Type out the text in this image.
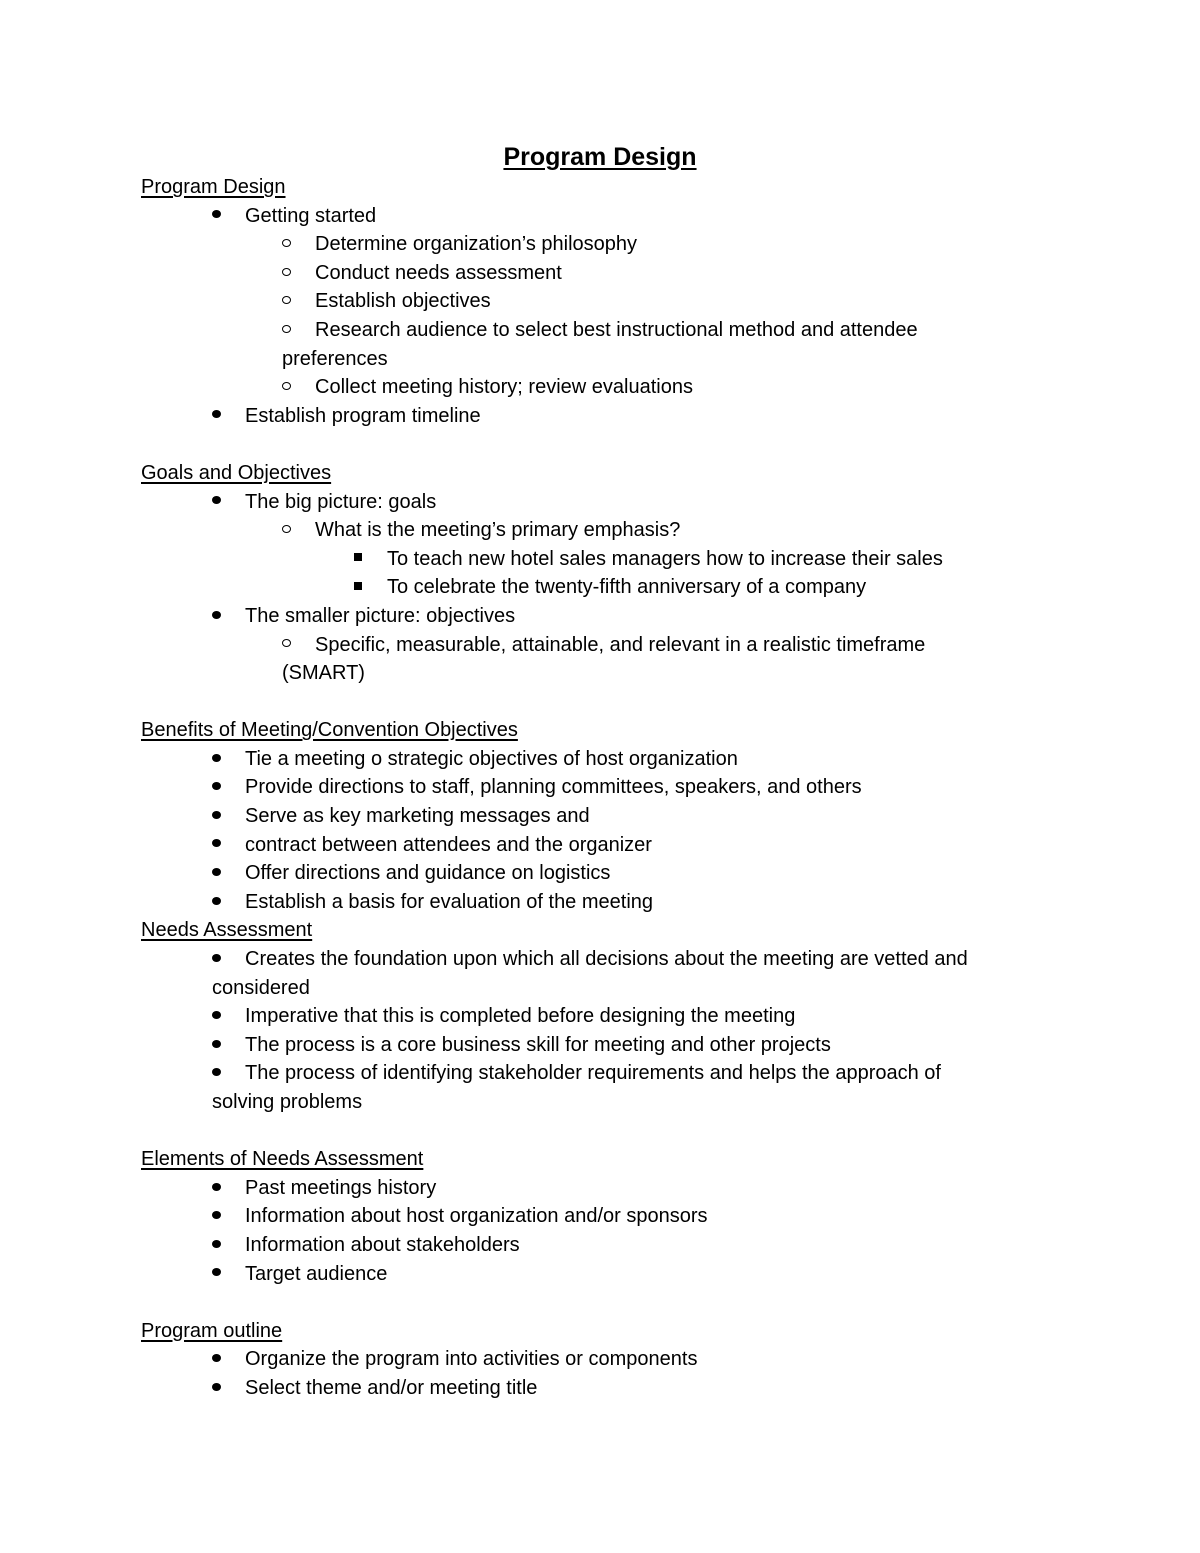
Program Design
Program Design
Getting started
Determine organization’s philosophy
Conduct needs assessment
Establish objectives
Research audience to select best instructional method and attendee
preferences
Collect meeting history; review evaluations
Establish program timeline
Goals and Objectives
The big picture: goals
What is the meeting’s primary emphasis?
To teach new hotel sales managers how to increase their sales
To celebrate the twenty-fifth anniversary of a company
The smaller picture: objectives
Specific, measurable, attainable, and relevant in a realistic timeframe
(SMART)
Benefits of Meeting/Convention Objectives
Tie a meeting o strategic objectives of host organization
Provide directions to staff, planning committees, speakers, and others
Serve as key marketing messages and
contract between attendees and the organizer
Offer directions and guidance on logistics
Establish a basis for evaluation of the meeting
Needs Assessment
Creates the foundation upon which all decisions about the meeting are vetted and
considered
Imperative that this is completed before designing the meeting
The process is a core business skill for meeting and other projects
The process of identifying stakeholder requirements and helps the approach of
solving problems
Elements of Needs Assessment
Past meetings history
Information about host organization and/or sponsors
Information about stakeholders
Target audience
Program outline
Organize the program into activities or components
Select theme and/or meeting title
